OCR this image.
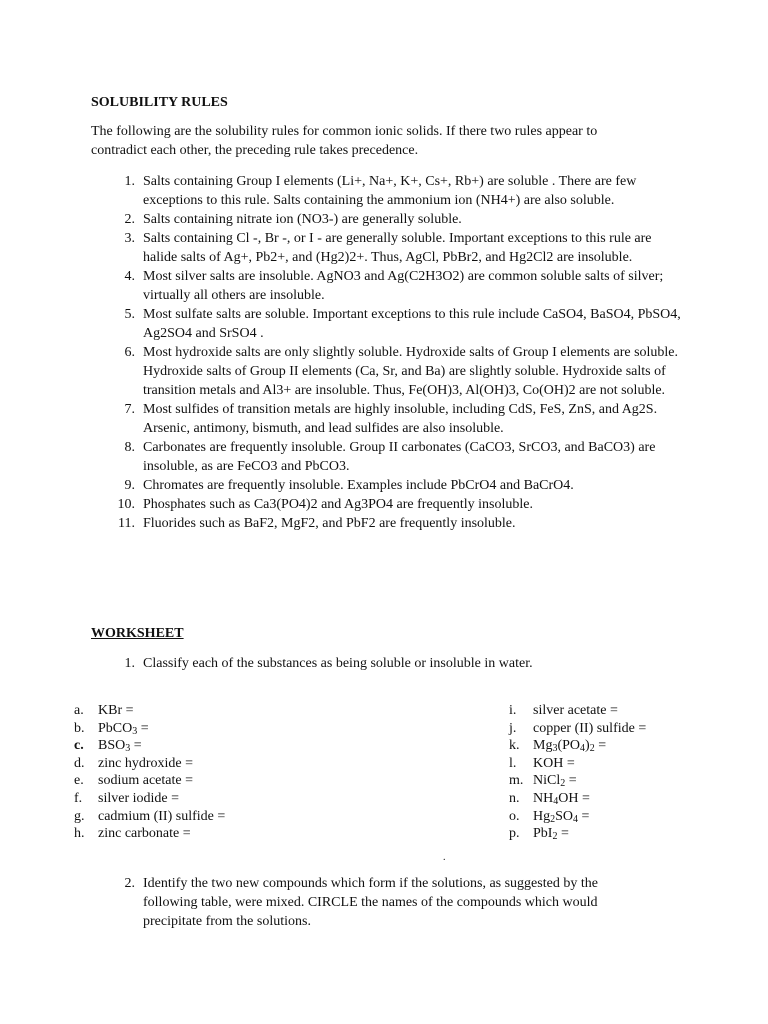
SOLUBILITY RULES
The following are the solubility rules for common ionic solids. If there two rules appear to contradict each other, the preceding rule takes precedence.
1. Salts containing Group I elements (Li+, Na+, K+, Cs+, Rb+) are soluble . There are few exceptions to this rule. Salts containing the ammonium ion (NH4+) are also soluble.
2. Salts containing nitrate ion (NO3-) are generally soluble.
3. Salts containing Cl -, Br -, or I - are generally soluble. Important exceptions to this rule are halide salts of Ag+, Pb2+, and (Hg2)2+. Thus, AgCl, PbBr2, and Hg2Cl2 are insoluble.
4. Most silver salts are insoluble. AgNO3 and Ag(C2H3O2) are common soluble salts of silver; virtually all others are insoluble.
5. Most sulfate salts are soluble. Important exceptions to this rule include CaSO4, BaSO4, PbSO4, Ag2SO4 and SrSO4 .
6. Most hydroxide salts are only slightly soluble. Hydroxide salts of Group I elements are soluble. Hydroxide salts of Group II elements (Ca, Sr, and Ba) are slightly soluble. Hydroxide salts of transition metals and Al3+ are insoluble. Thus, Fe(OH)3, Al(OH)3, Co(OH)2 are not soluble.
7. Most sulfides of transition metals are highly insoluble, including CdS, FeS, ZnS, and Ag2S. Arsenic, antimony, bismuth, and lead sulfides are also insoluble.
8. Carbonates are frequently insoluble. Group II carbonates (CaCO3, SrCO3, and BaCO3) are insoluble, as are FeCO3 and PbCO3.
9. Chromates are frequently insoluble. Examples include PbCrO4 and BaCrO4.
10. Phosphates such as Ca3(PO4)2 and Ag3PO4 are frequently insoluble.
11. Fluorides such as BaF2, MgF2, and PbF2 are frequently insoluble.
WORKSHEET
1. Classify each of the substances as being soluble or insoluble in water.
a.	KBr =
b. PbCO$_3$ =
c.	$BSO_3$ =
d. zinc hydroxide =
e.	sodium acetate =
f.	silver iodide =
g. cadmium (II) sulfide =
h. zinc carbonate =
i.	silver acetate =
j.	copper (II) sulfide =
k. $Mg_3(PO_4)_2$ =
l.	KOH =
m. NiCl$_2$ =
n. $NH_4OH$ =
o. $Hg_2SO_4$ =
p. PbI$_2$ =
.
2. Identify the two new compounds which form if the solutions, as suggested by the following table, were mixed. CIRCLE the names of the compounds which would precipitate from the solutions.
